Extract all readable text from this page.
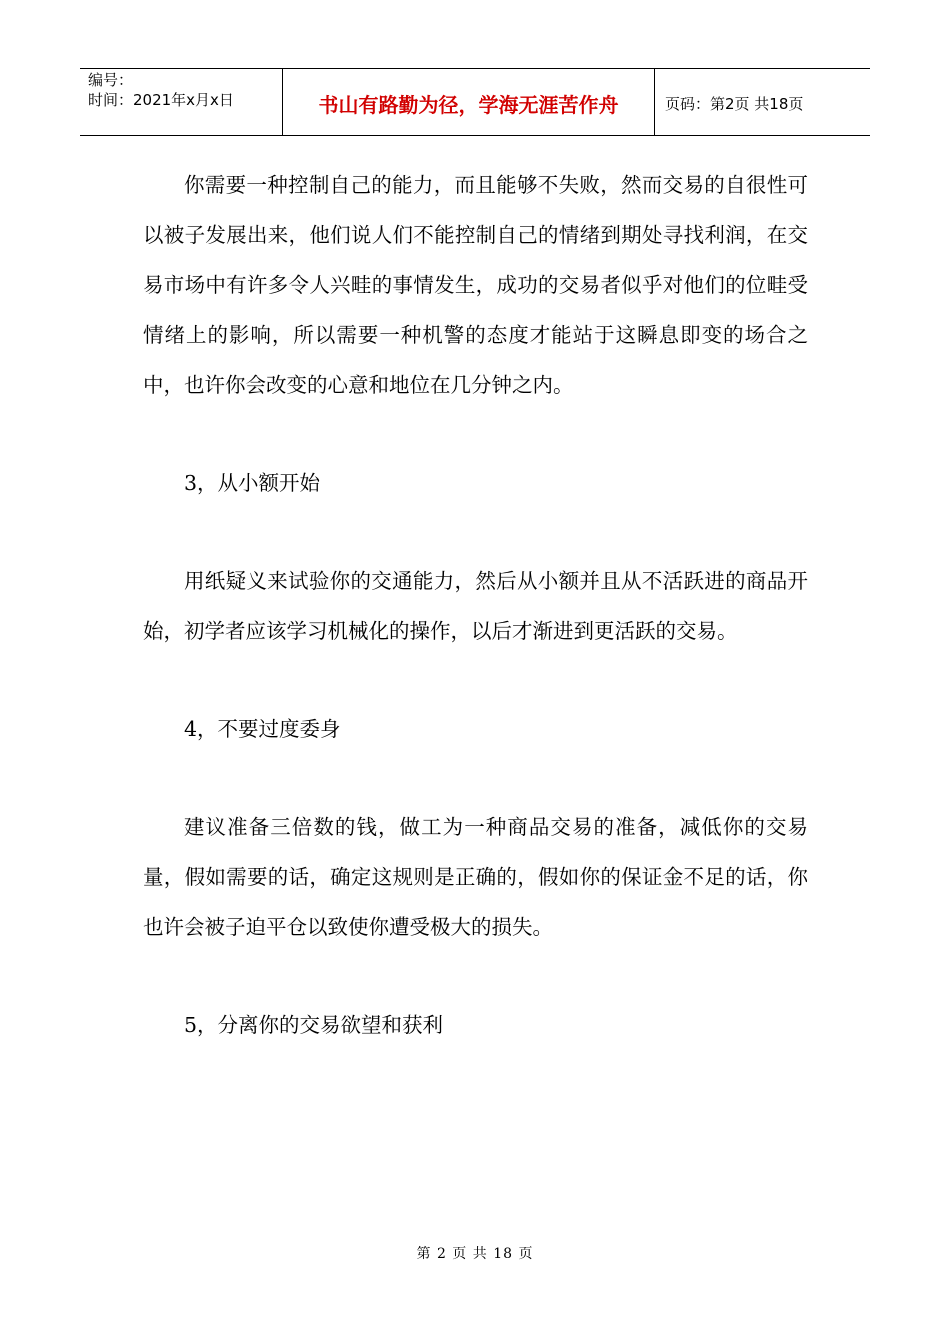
编号：
时间：2021年x月x日	书山有路勤为径，学海无涯苦作舟	页码：第2页 共18页

你需要一种控制自己的能力，而且能够不失败，然而交易的自很性可以被子发展出来，他们说人们不能控制自己的情绪到期处寻找利润，在交易市场中有许多令人兴畦的事情发生，成功的交易者似乎对他们的位畦受情绪上的影响，所以需要一种机警的态度才能站于这瞬息即变的场合之中，也许你会改变的心意和地位在几分钟之内。

3，从小额开始

用纸疑义来试验你的交通能力，然后从小额并且从不活跃进的商品开始，初学者应该学习机械化的操作，以后才渐进到更活跃的交易。

4，不要过度委身

建议准备三倍数的钱，做工为一种商品交易的准备，减低你的交易量，假如需要的话，确定这规则是正确的，假如你的保证金不足的话，你也许会被子迫平仓以致使你遭受极大的损失。

5，分离你的交易欲望和获利

第 2 页 共 18 页
